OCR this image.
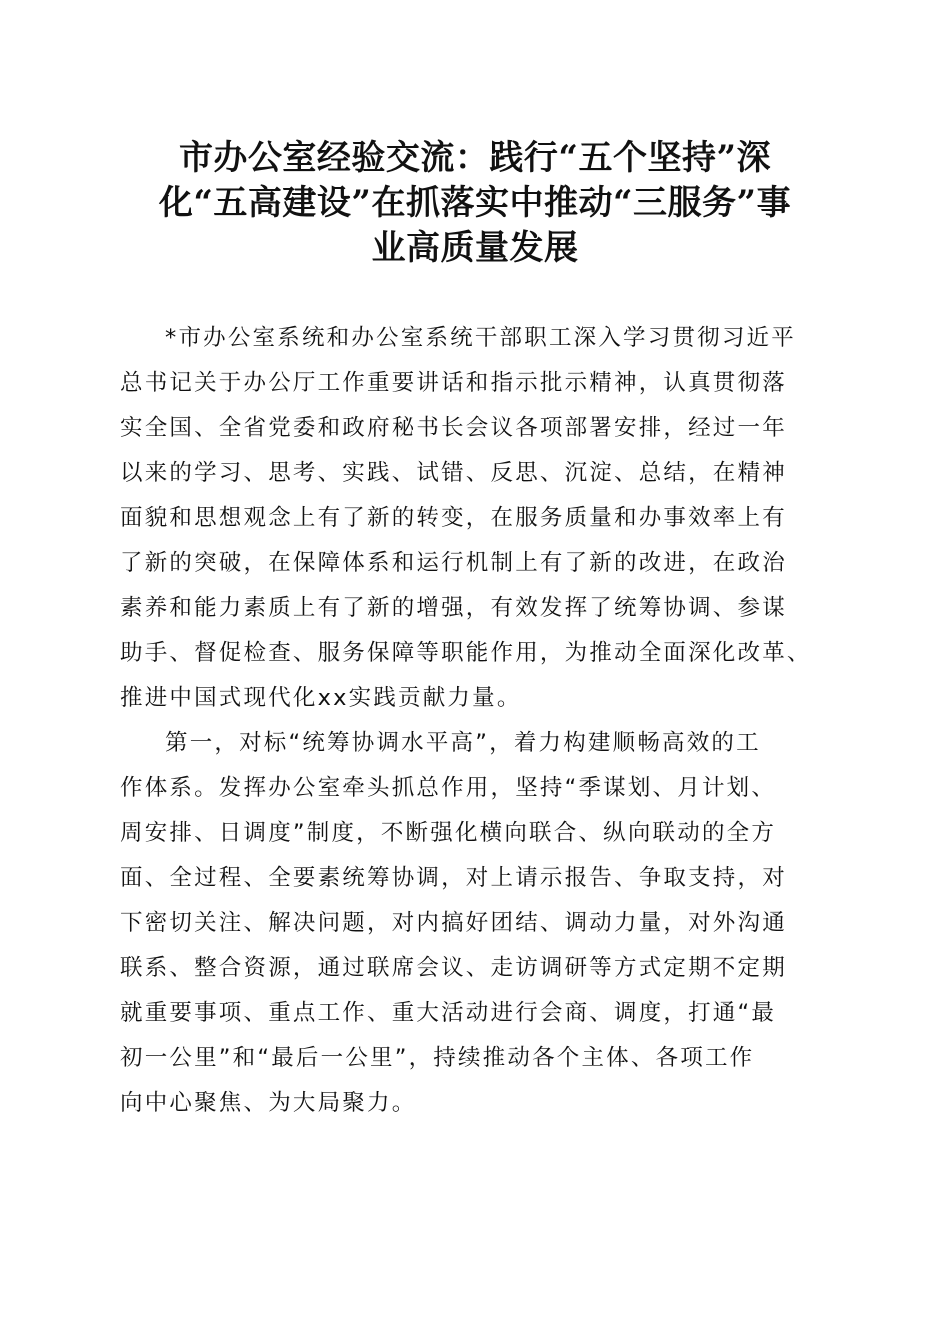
市办公室经验交流：践行“五个坚持”深
化“五高建设”在抓落实中推动“三服务”事
业高质量发展
*市办公室系统和办公室系统干部职工深入学习贯彻习近平
总书记关于办公厅工作重要讲话和指示批示精神，认真贯彻落
实全国、全省党委和政府秘书长会议各项部署安排，经过一年
以来的学习、思考、实践、试错、反思、沉淀、总结，在精神
面貌和思想观念上有了新的转变，在服务质量和办事效率上有
了新的突破，在保障体系和运行机制上有了新的改进，在政治
素养和能力素质上有了新的增强，有效发挥了统筹协调、参谋
助手、督促检查、服务保障等职能作用，为推动全面深化改革、
推进中国式现代化xx实践贡献力量。
第一，对标“统筹协调水平高”，着力构建顺畅高效的工
作体系。发挥办公室牵头抓总作用，坚持“季谋划、月计划、
周安排、日调度”制度，不断强化横向联合、纵向联动的全方
面、全过程、全要素统筹协调，对上请示报告、争取支持，对
下密切关注、解决问题，对内搞好团结、调动力量，对外沟通
联系、整合资源，通过联席会议、走访调研等方式定期不定期
就重要事项、重点工作、重大活动进行会商、调度，打通“最
初一公里”和“最后一公里”，持续推动各个主体、各项工作
向中心聚焦、为大局聚力。
